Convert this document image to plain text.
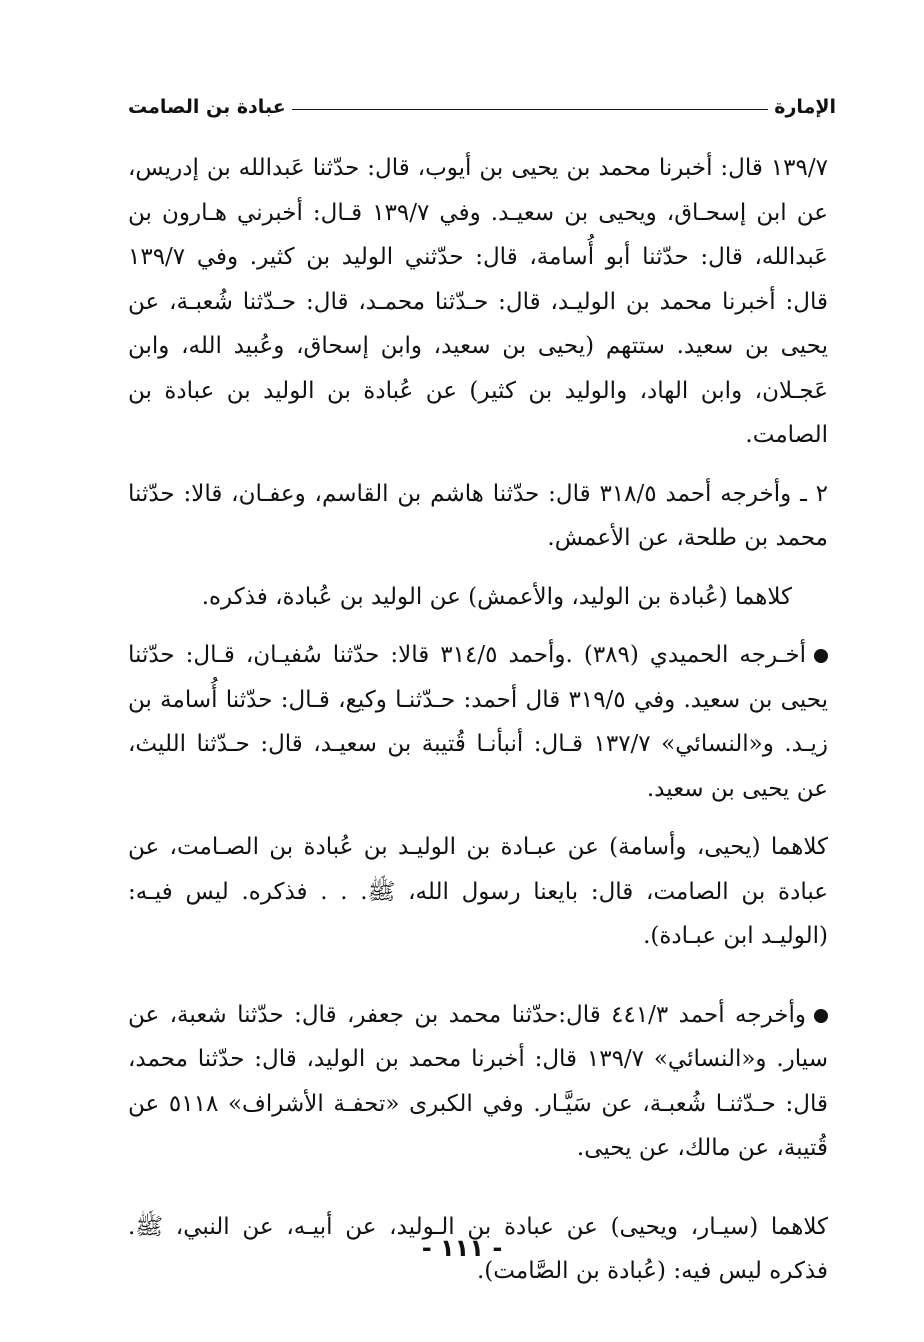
الإمارة
عبادة بن الصامت

١٣٩/٧ قال: أخبرنا محمد بن يحيى بن أيوب، قال: حدّثنا عَبدالله بن إدريس، عن ابن إسحـاق، ويحيى بن سعيـد. وفي ١٣٩/٧ قـال: أخبرني هـارون بن عَبدالله، قال: حدّثنا أبو أُسامة، قال: حدّثني الوليد بن كثير. وفي ١٣٩/٧ قال: أخبرنا محمد بن الوليـد، قال: حـدّثنا محمـد، قال: حـدّثنا شُعبـة، عن يحيى بن سعيد. ستتهم (يحيى بن سعيد، وابن إسحاق، وعُبيد الله، وابن عَجـلان، وابن الهاد، والوليد بن كثير) عن عُبادة بن الوليد بن عبادة بن الصامت.

٢ ـ وأخرجه أحمد ٣١٨/٥ قال: حدّثنا هاشم بن القاسم، وعفـان، قالا: حدّثنا محمد بن طلحة، عن الأعمش.

كلاهما (عُبادة بن الوليد، والأعمش) عن الوليد بن عُبادة، فذكره.

أخـرجه الحميدي (٣٨٩) .وأحمد ٣١٤/٥ قالا: حدّثنا سُفيـان، قـال: حدّثنا يحيى بن سعيد. وفي ٣١٩/٥ قال أحمد: حـدّثنـا وكيع، قـال: حدّثنا أُسامة بن زيـد. و«النسائي» ١٣٧/٧ قـال: أنبأنـا قُتيبة بن سعيـد، قال: حـدّثنا الليث، عن يحيى بن سعيد.

كلاهما (يحيى، وأسامة) عن عبـادة بن الوليـد بن عُبادة بن الصـامت، عن عبادة بن الصامت، قال: بايعنا رسول الله، ﷺ. . . فذكره. ليس فيـه: (الوليـد ابن عبـادة).

وأخرجه أحمد ٤٤١/٣ قال:حدّثنا محمد بن جعفر، قال: حدّثنا شعبة، عن سيار. و«النسائي» ١٣٩/٧ قال: أخبرنا محمد بن الوليد، قال: حدّثنا محمد، قال: حـدّثنـا شُعبـة، عن سَيَّـار. وفي الكبرى «تحفـة الأشراف» ٥١١٨ عن قُتيبة، عن مالك، عن يحيى.

كلاهما (سيـار، ويحيى) عن عبادة بن الـوليد، عن أبيـه، عن النبي، ﷺ. فذكره ليس فيه: (عُبادة بن الصَّامت).

- ١١١ -
